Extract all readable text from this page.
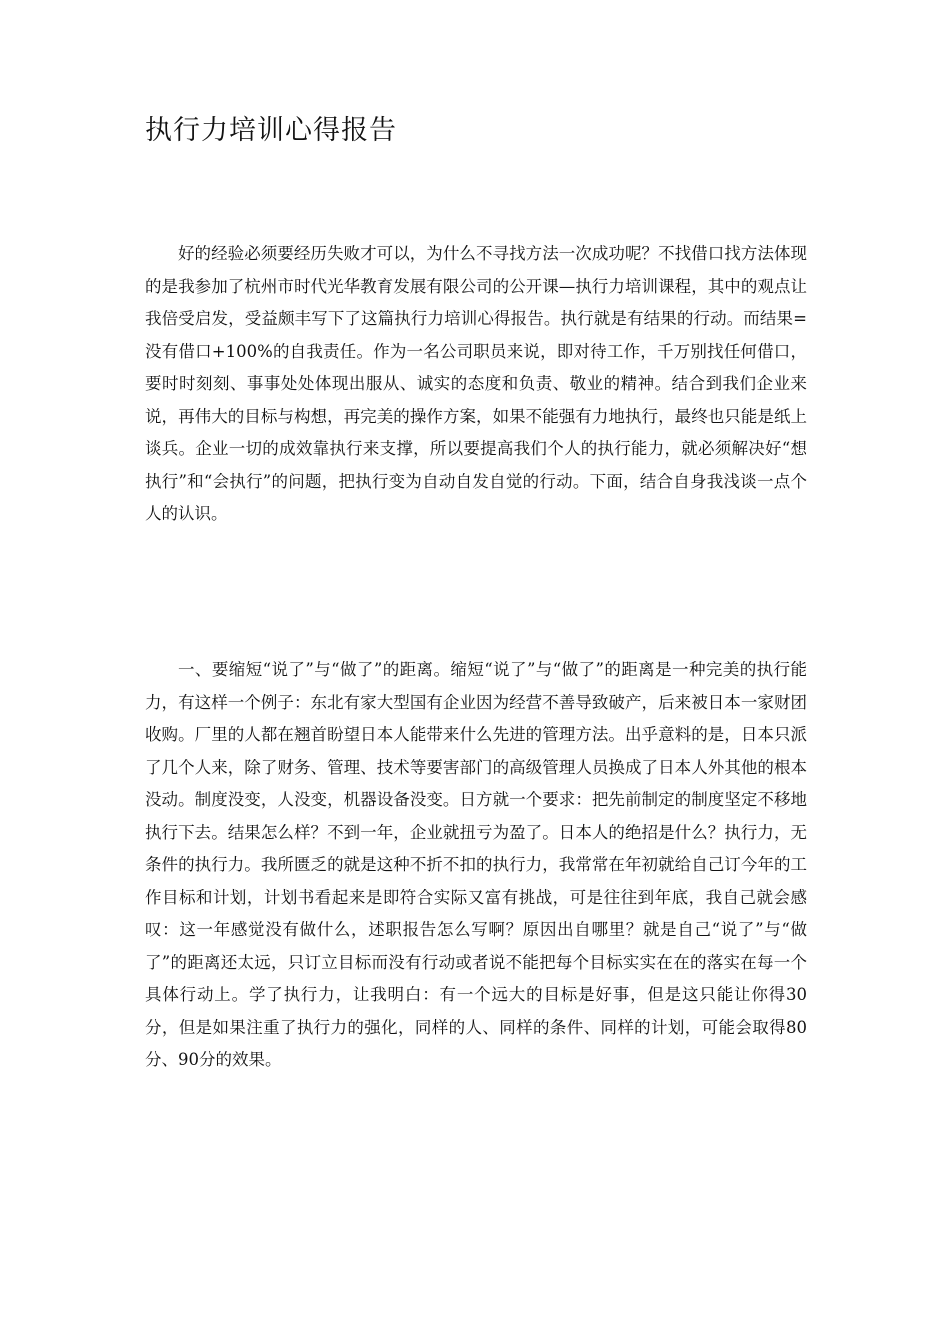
执行力培训心得报告

好的经验必须要经历失败才可以，为什么不寻找方法一次成功呢？不找借口找方法体现的是我参加了杭州市时代光华教育发展有限公司的公开课—执行力培训课程，其中的观点让我倍受启发，受益颇丰写下了这篇执行力培训心得报告。执行就是有结果的行动。而结果=没有借口+100%的自我责任。作为一名公司职员来说，即对待工作，千万别找任何借口，要时时刻刻、事事处处体现出服从、诚实的态度和负责、敬业的精神。结合到我们企业来说，再伟大的目标与构想，再完美的操作方案，如果不能强有力地执行，最终也只能是纸上谈兵。企业一切的成效靠执行来支撑，所以要提高我们个人的执行能力，就必须解决好“想执行”和“会执行”的问题，把执行变为自动自发自觉的行动。下面，结合自身我浅谈一点个人的认识。

一、要缩短“说了”与“做了”的距离。缩短“说了”与“做了”的距离是一种完美的执行能力，有这样一个例子：东北有家大型国有企业因为经营不善导致破产，后来被日本一家财团收购。厂里的人都在翘首盼望日本人能带来什么先进的管理方法。出乎意料的是，日本只派了几个人来，除了财务、管理、技术等要害部门的高级管理人员换成了日本人外其他的根本没动。制度没变，人没变，机器设备没变。日方就一个要求：把先前制定的制度坚定不移地执行下去。结果怎么样？不到一年，企业就扭亏为盈了。日本人的绝招是什么？执行力，无条件的执行力。我所匮乏的就是这种不折不扣的执行力，我常常在年初就给自己订今年的工作目标和计划，计划书看起来是即符合实际又富有挑战，可是往往到年底，我自己就会感叹：这一年感觉没有做什么，述职报告怎么写啊？原因出自哪里？就是自己“说了”与“做了”的距离还太远，只订立目标而没有行动或者说不能把每个目标实实在在的落实在每一个具体行动上。学了执行力，让我明白：有一个远大的目标是好事，但是这只能让你得30分，但是如果注重了执行力的强化，同样的人、同样的条件、同样的计划，可能会取得80分、90分的效果。
